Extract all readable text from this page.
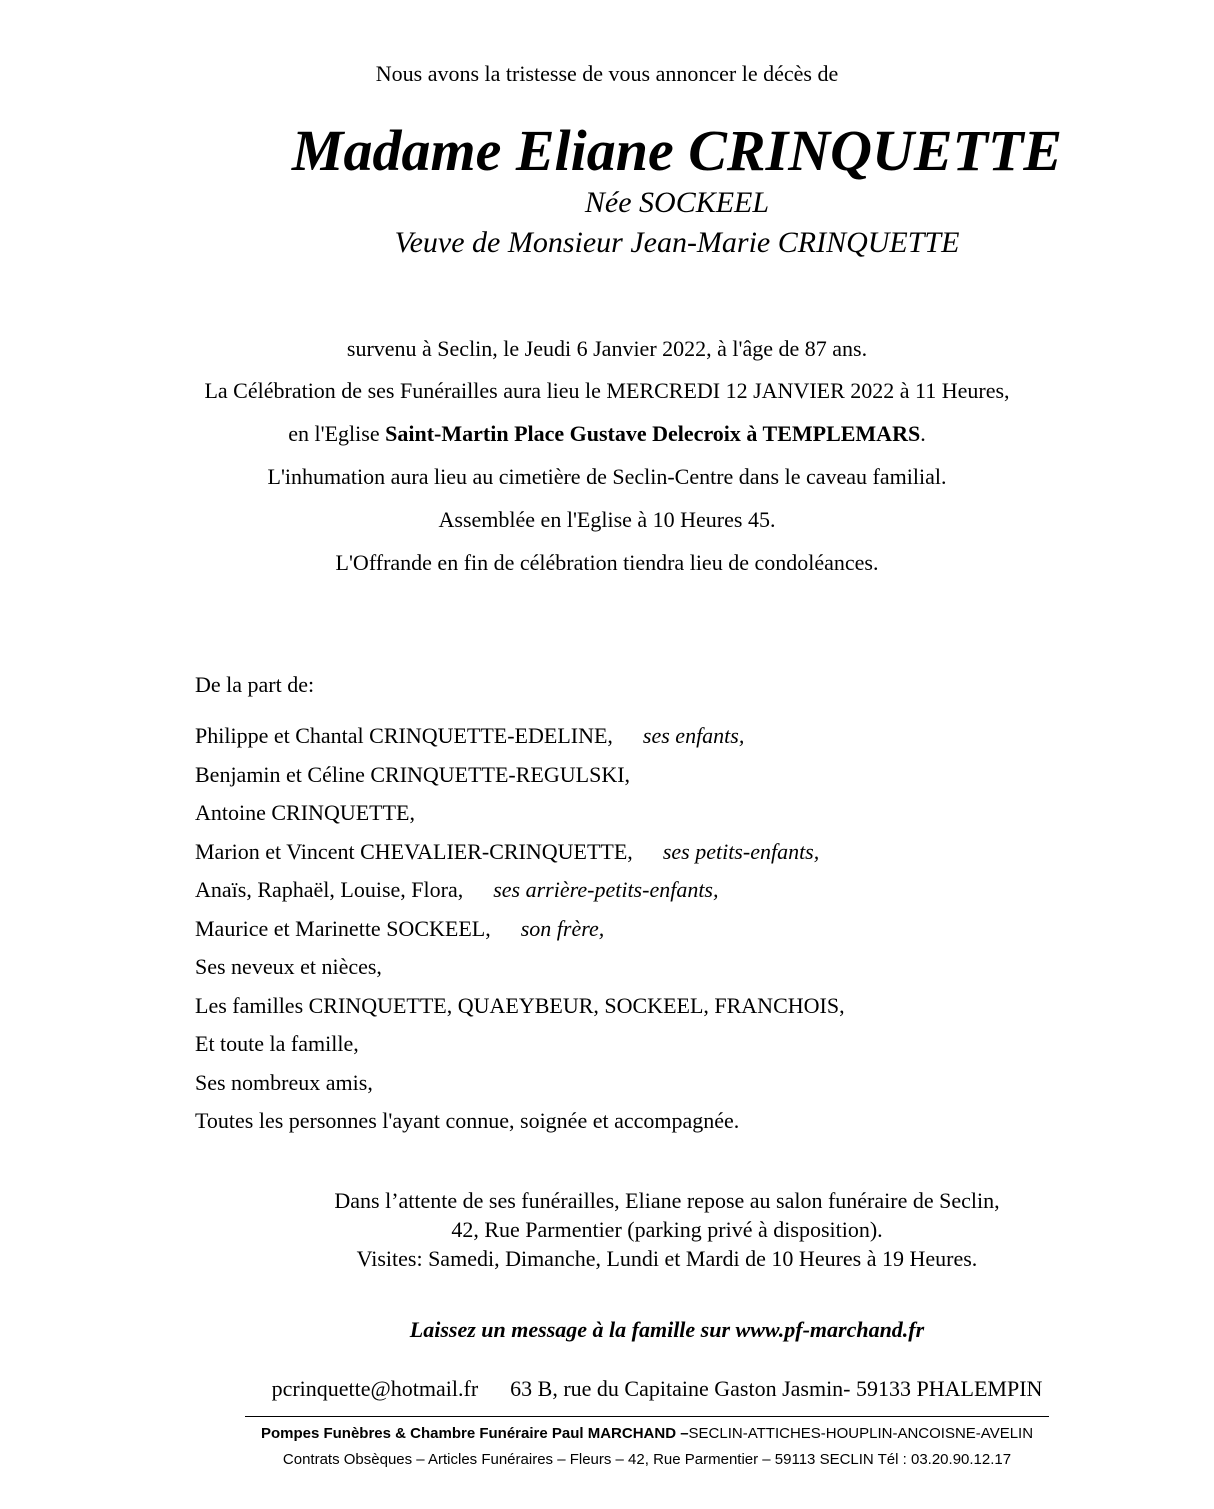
Nous avons la tristesse de vous annoncer le décès de
Madame Eliane CRINQUETTE
Née SOCKEEL
Veuve de Monsieur Jean-Marie CRINQUETTE
survenu à Seclin, le Jeudi 6 Janvier 2022, à l'âge de 87 ans.
La Célébration de ses Funérailles aura lieu le MERCREDI 12 JANVIER 2022 à 11 Heures,
en l'Eglise Saint-Martin Place Gustave Delecroix à TEMPLEMARS.
L'inhumation aura lieu au cimetière de Seclin-Centre dans le caveau familial.
Assemblée en l'Eglise à 10 Heures 45.
L'Offrande en fin de célébration tiendra lieu de condoléances.
De la part de:
Philippe et Chantal CRINQUETTE-EDELINE, ses enfants,
Benjamin et Céline CRINQUETTE-REGULSKI,
Antoine CRINQUETTE,
Marion et Vincent CHEVALIER-CRINQUETTE, ses petits-enfants,
Anaïs, Raphaël, Louise, Flora, ses arrière-petits-enfants,
Maurice et Marinette SOCKEEL, son frère,
Ses neveux et nièces,
Les familles CRINQUETTE, QUAEYBEUR, SOCKEEL, FRANCHOIS,
Et toute la famille,
Ses nombreux amis,
Toutes les personnes l'ayant connue, soignée et accompagnée.
Dans l’attente de ses funérailles, Eliane repose au salon funéraire de Seclin,
42, Rue Parmentier (parking privé à disposition).
Visites: Samedi, Dimanche, Lundi et Mardi de 10 Heures à 19 Heures.
Laissez un message à la famille sur www.pf-marchand.fr
pcrinquette@hotmail.fr 63 B, rue du Capitaine Gaston Jasmin- 59133 PHALEMPIN
Pompes Funèbres & Chambre Funéraire Paul MARCHAND –SECLIN-ATTICHES-HOUPLIN-ANCOISNE-AVELIN
Contrats Obsèques – Articles Funéraires – Fleurs – 42, Rue Parmentier – 59113 SECLIN Tél : 03.20.90.12.17
